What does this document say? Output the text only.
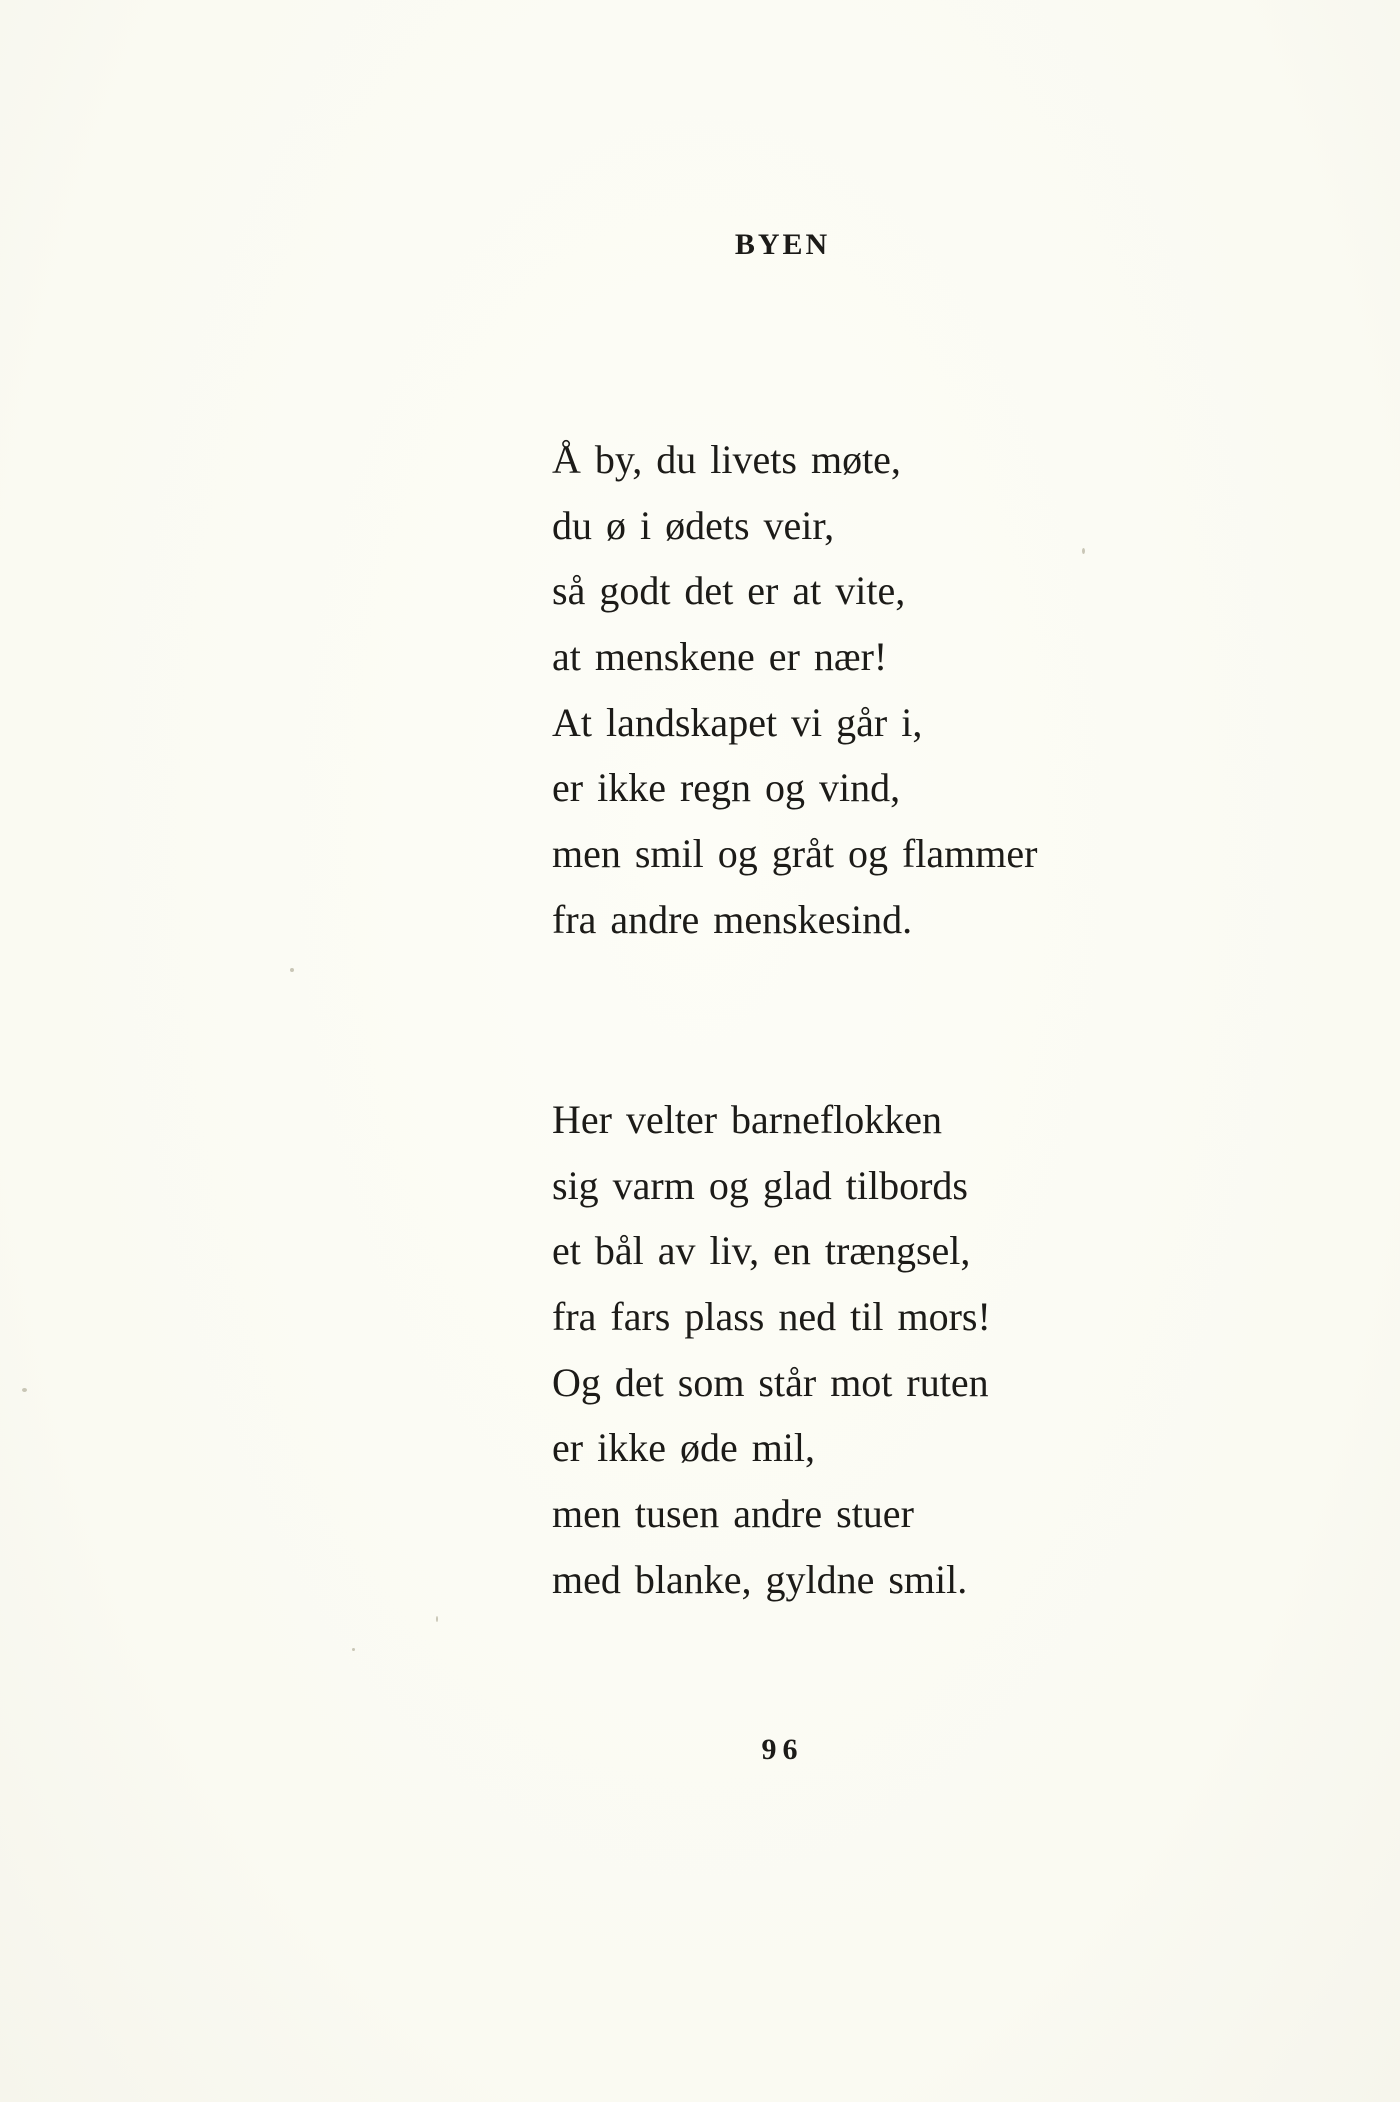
BYEN
Å by, du livets møte,
du ø i ødets veir,
så godt det er at vite,
at menskene er nær!
At landskapet vi går i,
er ikke regn og vind,
men smil og gråt og flammer
fra andre menskesind.
Her velter barneflokken
sig varm og glad tilbords
et bål av liv, en trængsel,
fra fars plass ned til mors!
Og det som står mot ruten
er ikke øde mil,
men tusen andre stuer
med blanke, gyldne smil.
96
